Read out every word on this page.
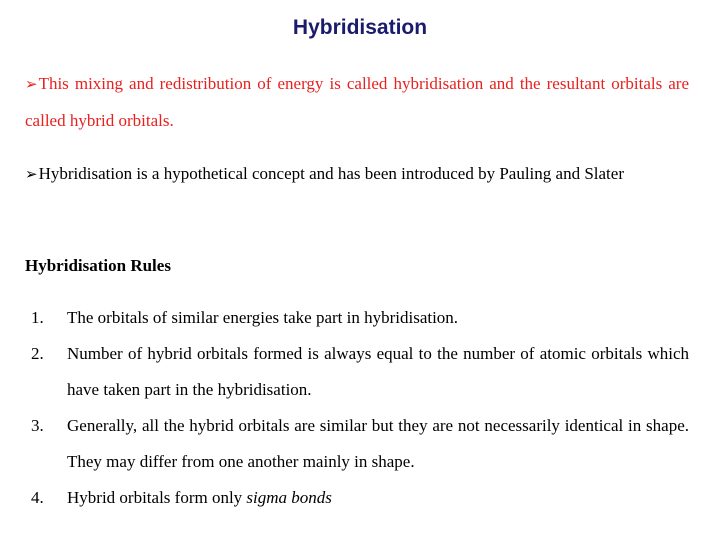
Hybridisation
➢This mixing and redistribution of energy is called hybridisation and the resultant orbitals are called hybrid orbitals.
➢Hybridisation is a hypothetical concept and has been introduced by Pauling and Slater
Hybridisation Rules
1.	The orbitals of similar energies take part in hybridisation.
2.	Number of hybrid orbitals formed is always equal to the number of atomic orbitals which have taken part in the hybridisation.
3.	Generally, all the hybrid orbitals are similar but they are not necessarily identical in shape. They may differ from one another mainly in shape.
4.	Hybrid orbitals form only sigma bonds
